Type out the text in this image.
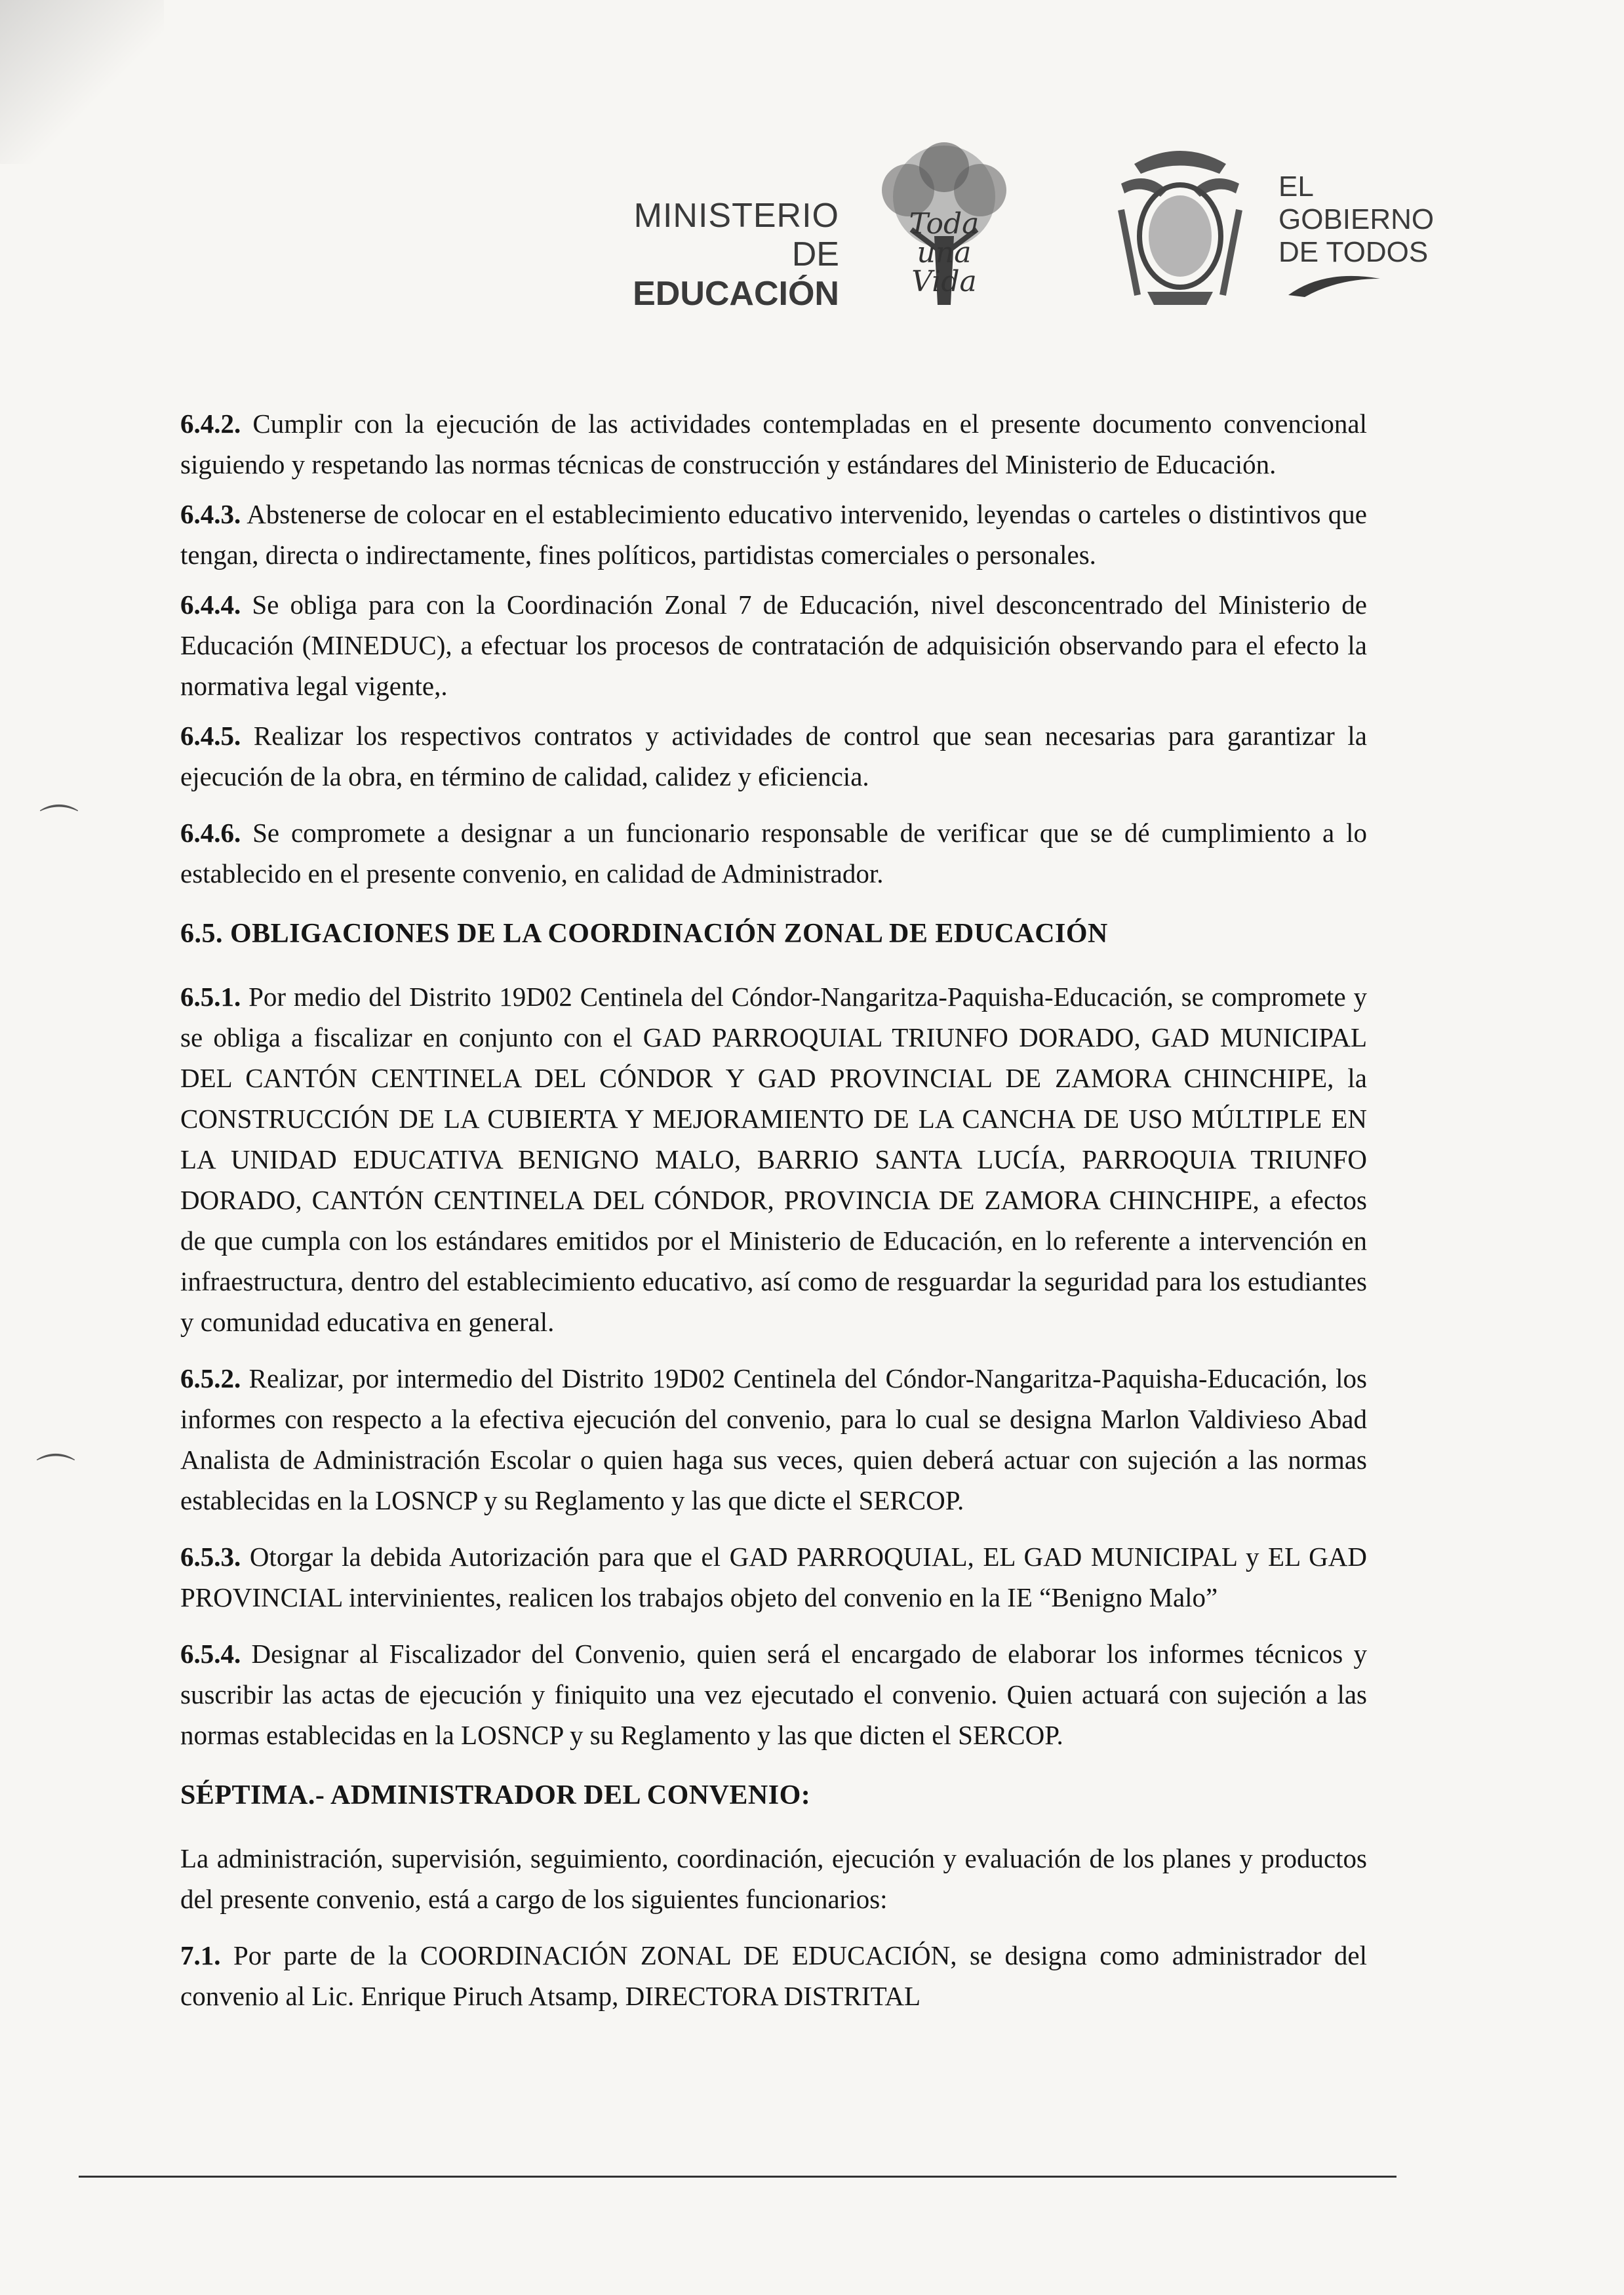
MINISTERIO
DE EDUCACIÓN
Toda
una
Vida
EL
GOBIERNO
DE TODOS

6.4.2. Cumplir con la ejecución de las actividades contempladas en el presente documento convencional siguiendo y respetando las normas técnicas de construcción y estándares del Ministerio de Educación.

6.4.3. Abstenerse de colocar en el establecimiento educativo intervenido, leyendas o carteles o distintivos que tengan, directa o indirectamente, fines políticos, partidistas comerciales o personales.

6.4.4. Se obliga para con la Coordinación Zonal 7 de Educación, nivel desconcentrado del Ministerio de Educación (MINEDUC), a efectuar los procesos de contratación de adquisición observando para el efecto la normativa legal vigente,.

6.4.5. Realizar los respectivos contratos y actividades de control que sean necesarias para garantizar la ejecución de la obra, en término de calidad, calidez y eficiencia.

6.4.6. Se compromete a designar a un funcionario responsable de verificar que se dé cumplimiento a lo establecido en el presente convenio, en calidad de Administrador.

6.5. OBLIGACIONES DE LA COORDINACIÓN ZONAL DE EDUCACIÓN

6.5.1. Por medio del Distrito 19D02 Centinela del Cóndor-Nangaritza-Paquisha-Educación, se compromete y se obliga a fiscalizar en conjunto con el GAD PARROQUIAL TRIUNFO DORADO, GAD MUNICIPAL DEL CANTÓN CENTINELA DEL CÓNDOR Y GAD PROVINCIAL DE ZAMORA CHINCHIPE, la CONSTRUCCIÓN DE LA CUBIERTA Y MEJORAMIENTO DE LA CANCHA DE USO MÚLTIPLE EN LA UNIDAD EDUCATIVA BENIGNO MALO, BARRIO SANTA LUCÍA, PARROQUIA TRIUNFO DORADO, CANTÓN CENTINELA DEL CÓNDOR, PROVINCIA DE ZAMORA CHINCHIPE, a efectos de que cumpla con los estándares emitidos por el Ministerio de Educación, en lo referente a intervención en infraestructura, dentro del establecimiento educativo, así como de resguardar la seguridad para los estudiantes y comunidad educativa en general.

6.5.2. Realizar, por intermedio del Distrito 19D02 Centinela del Cóndor-Nangaritza-Paquisha-Educación, los informes con respecto a la efectiva ejecución del convenio, para lo cual se designa Marlon Valdivieso Abad Analista de Administración Escolar o quien haga sus veces, quien deberá actuar con sujeción a las normas establecidas en la LOSNCP y su Reglamento y las que dicte el SERCOP.

6.5.3. Otorgar la debida Autorización para que el GAD PARROQUIAL, EL GAD MUNICIPAL y EL GAD PROVINCIAL intervinientes, realicen los trabajos objeto del convenio en la IE “Benigno Malo”

6.5.4. Designar al Fiscalizador del Convenio, quien será el encargado de elaborar los informes técnicos y suscribir las actas de ejecución y finiquito una vez ejecutado el convenio. Quien actuará con sujeción a las normas establecidas en la LOSNCP y su Reglamento y las que dicten el SERCOP.

SÉPTIMA.- ADMINISTRADOR DEL CONVENIO:

La administración, supervisión, seguimiento, coordinación, ejecución y evaluación de los planes y productos del presente convenio, está a cargo de los siguientes funcionarios:

7.1. Por parte de la COORDINACIÓN ZONAL DE EDUCACIÓN, se designa como administrador del convenio al Lic. Enrique Piruch Atsamp, DIRECTORA DISTRITAL

⌒
⌒
